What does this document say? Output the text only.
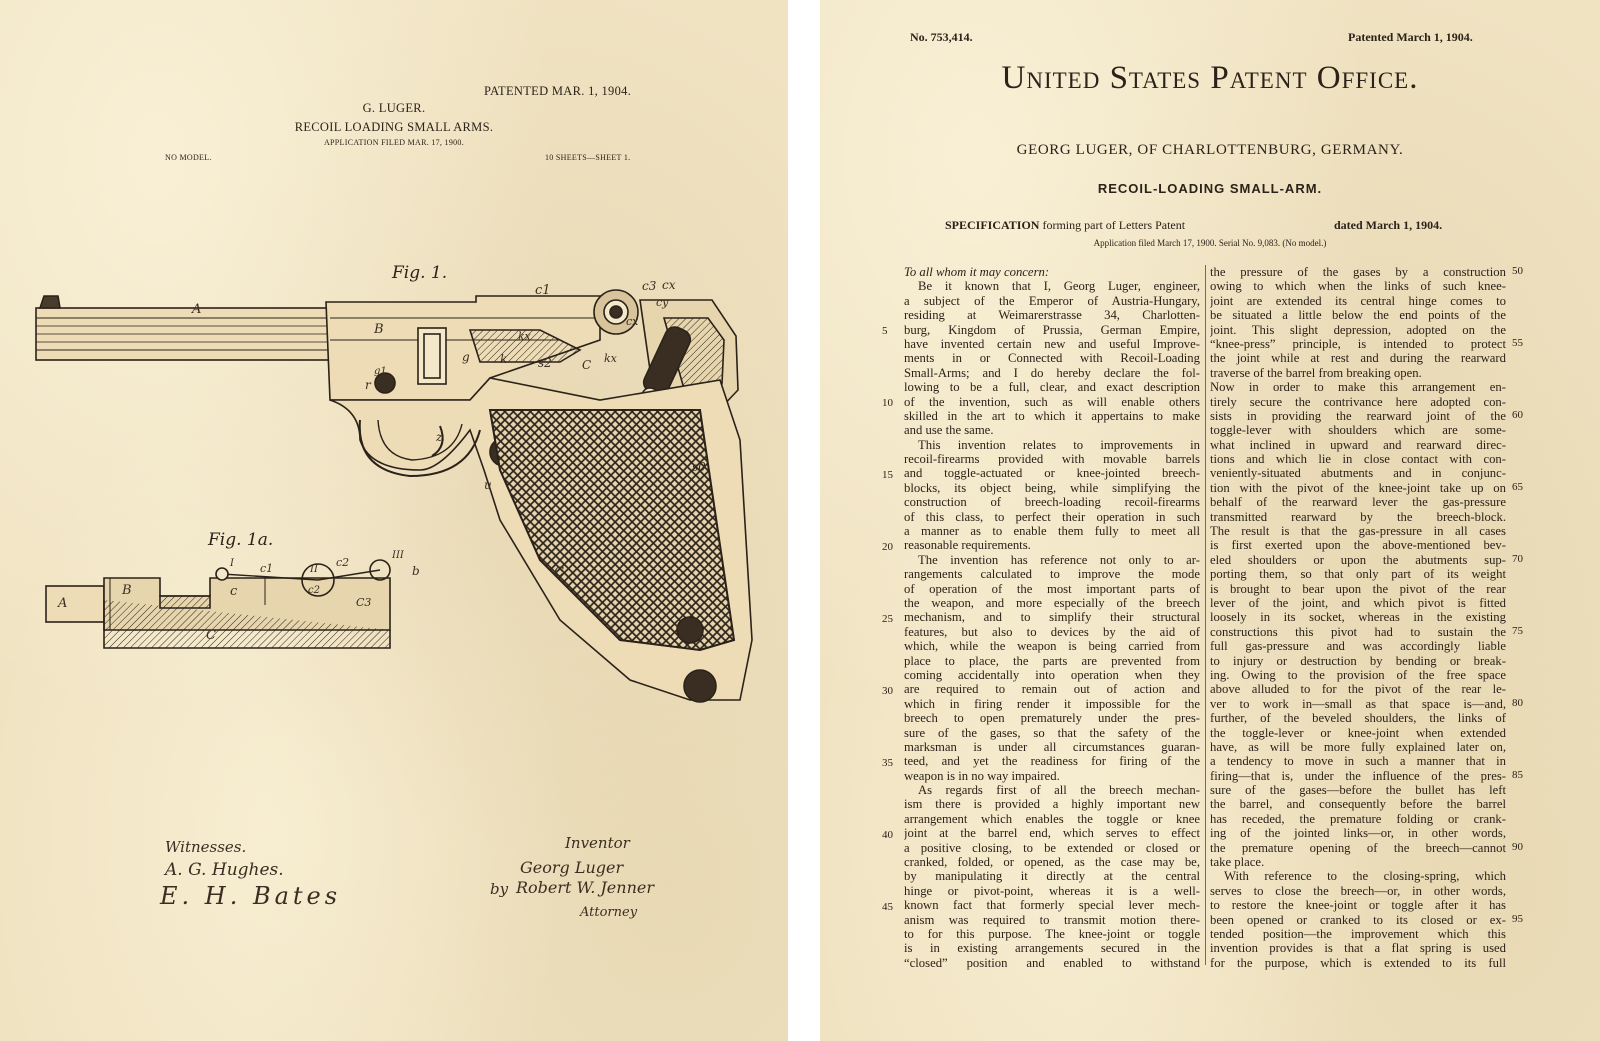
PATENTED MAR. 1, 1904.
G. LUGER.
RECOIL LOADING SMALL ARMS.
APPLICATION FILED MAR. 17, 1900.
NO MODEL.	10 SHEETS—SHEET 1.
Fig. 1.
Fig. 1a.
A
B
c1	c3 cx
cx
cy
kx
k	s2	C kx
d
g
r
g1
z
u
s0
C
A
B	c
C
I c1	II
c2
c2
III
b
C3
Witnesses.
A. G. Hughes.
E. H. Bates
Inventor
Georg Luger
by Robert W. Jenner
Attorney
No. 753,414.	Patented March 1, 1904.
United States Patent Office.
GEORG LUGER, OF CHARLOTTENBURG, GERMANY.
RECOIL-LOADING SMALL-ARM.
SPECIFICATION forming part of Letters Patent	dated March 1, 1904.
Application filed March 17, 1900. Serial No. 9,083. (No model.)
To all whom it may concern:
Be it known that I, Georg Luger, engineer,
a subject of the Emperor of Austria-Hungary,
residing at Weimarerstrasse 34, Charlotten-
burg, Kingdom of Prussia, German Empire,
have invented certain new and useful Improve-
ments in or Connected with Recoil-Loading
Small-Arms; and I do hereby declare the fol-
lowing to be a full, clear, and exact description
of the invention, such as will enable others
skilled in the art to which it appertains to make
and use the same.
This invention relates to improvements in
recoil-firearms provided with movable barrels
and toggle-actuated or knee-jointed breech-
blocks, its object being, while simplifying the
construction of breech-loading recoil-firearms
of this class, to perfect their operation in such
a manner as to enable them fully to meet all
reasonable requirements.
The invention has reference not only to ar-
rangements calculated to improve the mode
of operation of the most important parts of
the weapon, and more especially of the breech
mechanism, and to simplify their structural
features, but also to devices by the aid of
which, while the weapon is being carried from
place to place, the parts are prevented from
coming accidentally into operation when they
are required to remain out of action and
which in firing render it impossible for the
breech to open prematurely under the pres-
sure of the gases, so that the safety of the
marksman is under all circumstances guaran-
teed, and yet the readiness for firing of the
weapon is in no way impaired.
As regards first of all the breech mechan-
ism there is provided a highly important new
arrangement which enables the toggle or knee
joint at the barrel end, which serves to effect
a positive closing, to be extended or closed or
cranked, folded, or opened, as the case may be,
by manipulating it directly at the central
hinge or pivot-point, whereas it is a well-
known fact that formerly special lever mech-
anism was required to transmit motion there-
to for this purpose. The knee-joint or toggle
is in existing arrangements secured in the
“closed” position and enabled to withstand
the pressure of the gases by a construction
owing to which when the links of such knee-
joint are extended its central hinge comes to
be situated a little below the end points of the
joint. This slight depression, adopted on the
“knee-press” principle, is intended to protect
the joint while at rest and during the rearward
traverse of the barrel from breaking open.
Now in order to make this arrangement en-
tirely secure the contrivance here adopted con-
sists in providing the rearward joint of the
toggle-lever with shoulders which are some-
what inclined in upward and rearward direc-
tions and which lie in close contact with con-
veniently-situated abutments and in conjunc-
tion with the pivot of the knee-joint take up on
behalf of the rearward lever the gas-pressure
transmitted rearward by the breech-block.
The result is that the gas-pressure in all cases
is first exerted upon the above-mentioned bev-
eled shoulders or upon the abutments sup-
porting them, so that only part of its weight
is brought to bear upon the pivot of the rear
lever of the joint, and which pivot is fitted
loosely in its socket, whereas in the existing
constructions this pivot had to sustain the
full gas-pressure and was accordingly liable
to injury or destruction by bending or break-
ing. Owing to the provision of the free space
above alluded to for the pivot of the rear le-
ver to work in—small as that space is—and,
further, of the beveled shoulders, the links of
the toggle-lever or knee-joint when extended
have, as will be more fully explained later on,
a tendency to move in such a manner that in
firing—that is, under the influence of the pres-
sure of the gases—before the bullet has left
the barrel, and consequently before the barrel
has receded, the premature folding or crank-
ing of the jointed links—or, in other words,
the premature opening of the breech—cannot
take place.
With reference to the closing-spring, which
serves to close the breech—or, in other words,
to restore the knee-joint or toggle after it has
been opened or cranked to its closed or ex-
tended position—the improvement which this
invention provides is that a flat spring is used
for the purpose, which is extended to its full
5
10
15
20
25
30
35
40
45
50
55
60
65
70
75
80
85
90
95
